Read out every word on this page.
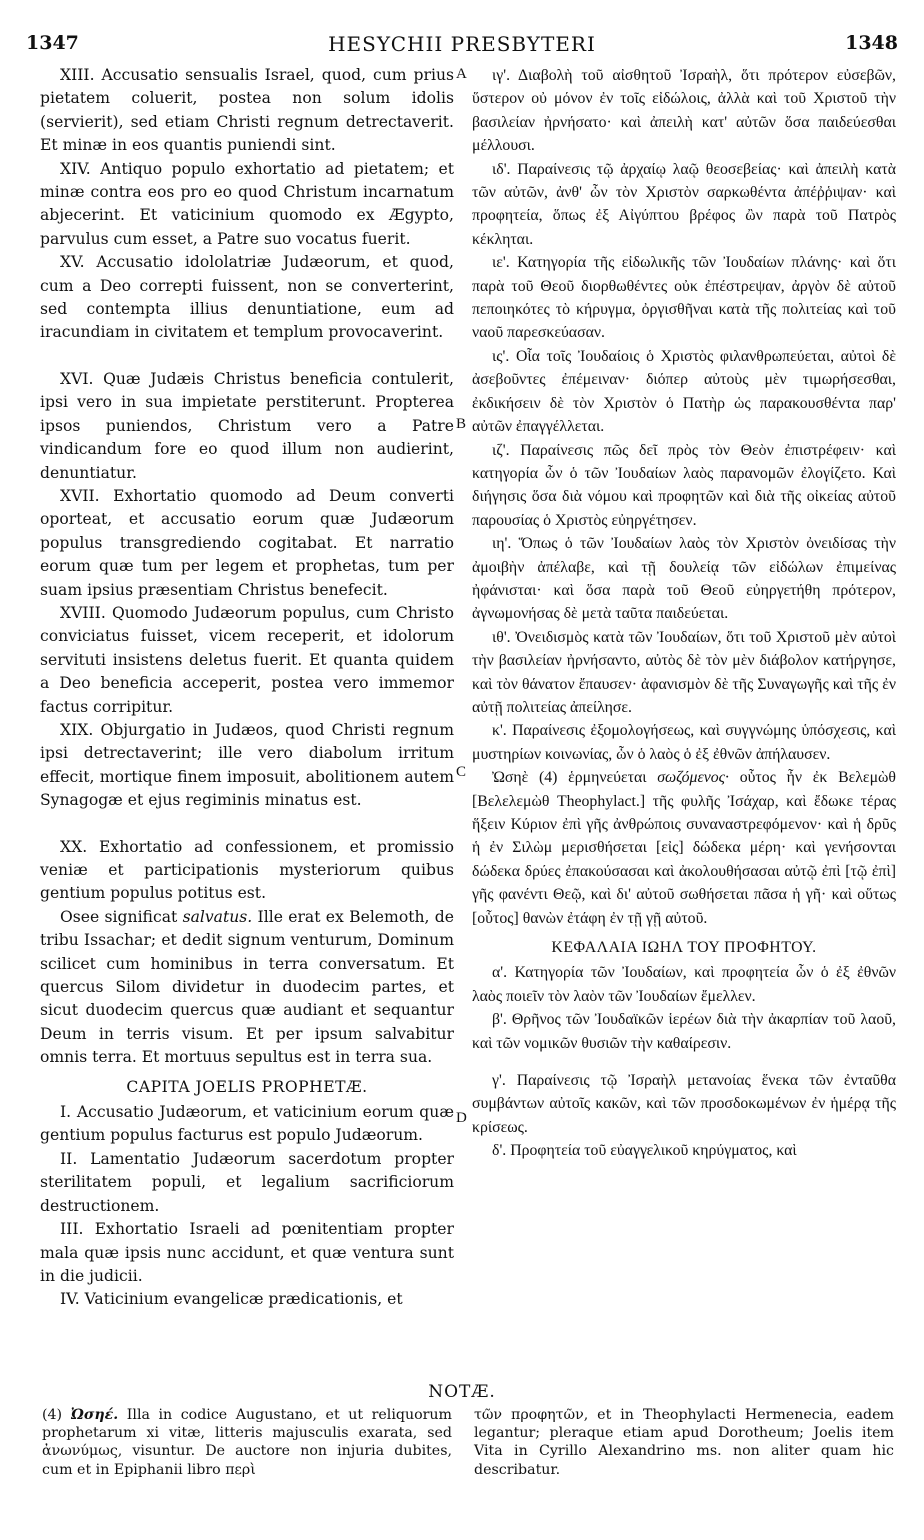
1347	HESYCHII PRESBYTERI	1348
A
B
C
D

XIII. Accusatio sensualis Israel, quod, cum prius pietatem coluerit, postea non solum idolis (servierit), sed etiam Christi regnum detrectaverit. Et minæ in eos quantis puniendi sint.

XIV. Antiquo populo exhortatio ad pietatem; et minæ contra eos pro eo quod Christum incarnatum abjecerint. Et vaticinium quomodo ex Ægypto, parvulus cum esset, a Patre suo vocatus fuerit.

XV. Accusatio idololatriæ Judæorum, et quod, cum a Deo correpti fuissent, non se converterint, sed contempta illius denuntiatione, eum ad iracundiam in civitatem et templum provocaverint.

XVI. Quæ Judæis Christus beneficia contulerit, ipsi vero in sua impietate perstiterunt. Propterea ipsos puniendos, Christum vero a Patre vindicandum fore eo quod illum non audierint, denuntiatur.

XVII. Exhortatio quomodo ad Deum converti oporteat, et accusatio eorum quæ Judæorum populus transgrediendo cogitabat. Et narratio eorum quæ tum per legem et prophetas, tum per suam ipsius præsentiam Christus benefecit.

XVIII. Quomodo Judæorum populus, cum Christo conviciatus fuisset, vicem receperit, et idolorum servituti insistens deletus fuerit. Et quanta quidem a Deo beneficia acceperit, postea vero immemor factus corripitur.

XIX. Objurgatio in Judæos, quod Christi regnum ipsi detrectaverint; ille vero diabolum irritum effecit, mortique finem imposuit, abolitionem autem Synagogæ et ejus regiminis minatus est.

XX. Exhortatio ad confessionem, et promissio veniæ et participationis mysteriorum quibus gentium populus potitus est.

Osee significat salvatus. Ille erat ex Belemoth, de tribu Issachar; et dedit signum venturum, Dominum scilicet cum hominibus in terra conversatum. Et quercus Silom dividetur in duodecim partes, et sicut duodecim quercus quæ audiant et sequantur Deum in terris visum. Et per ipsum salvabitur omnis terra. Et mortuus sepultus est in terra sua.

CAPITA JOELIS PROPHETÆ.

I. Accusatio Judæorum, et vaticinium eorum quæ gentium populus facturus est populo Judæorum.

II. Lamentatio Judæorum sacerdotum propter sterilitatem populi, et legalium sacrificiorum destructionem.

III. Exhortatio Israeli ad pœnitentiam propter mala quæ ipsis nunc accidunt, et quæ ventura sunt in die judicii.

IV. Vaticinium evangelicæ prædicationis, et

ιγ'. Διαβολὴ τοῦ αἰσθητοῦ Ἰσραὴλ, ὅτι πρότερον εὐσεβῶν, ὕστερον οὐ μόνον ἐν τοῖς εἰδώλοις, ἀλλὰ καὶ τοῦ Χριστοῦ τὴν βασιλείαν ἠρνήσατο· καὶ ἀπειλὴ κατ' αὐτῶν ὅσα παιδεύεσθαι μέλλουσι.

ιδ'. Παραίνεσις τῷ ἀρχαίῳ λαῷ θεοσεβείας· καὶ ἀπειλὴ κατὰ τῶν αὐτῶν, ἀνθ' ὧν τὸν Χριστὸν σαρκωθέντα ἀπέῤῥιψαν· καὶ προφητεία, ὅπως ἐξ Αἰγύπτου βρέφος ὢν παρὰ τοῦ Πατρὸς κέκληται.

ιε'. Κατηγορία τῆς εἰδωλικῆς τῶν Ἰουδαίων πλάνης· καὶ ὅτι παρὰ τοῦ Θεοῦ διορθωθέντες οὐκ ἐπέστρεψαν, ἀργὸν δὲ αὐτοῦ πεποιηκότες τὸ κήρυγμα, ὀργισθῆναι κατὰ τῆς πολιτείας καὶ τοῦ ναοῦ παρεσκεύασαν.

ις'. Οἷα τοῖς Ἰουδαίοις ὁ Χριστὸς φιλανθρωπεύεται, αὐτοὶ δὲ ἀσεβοῦντες ἐπέμειναν· διόπερ αὐτοὺς μὲν τιμωρήσεσθαι, ἐκδικήσειν δὲ τὸν Χριστὸν ὁ Πατὴρ ὡς παρακουσθέντα παρ' αὐτῶν ἐπαγγέλλεται.

ιζ'. Παραίνεσις πῶς δεῖ πρὸς τὸν Θεὸν ἐπιστρέφειν· καὶ κατηγορία ὧν ὁ τῶν Ἰουδαίων λαὸς παρανομῶν ἐλογίζετο. Καὶ διήγησις ὅσα διὰ νόμου καὶ προφητῶν καὶ διὰ τῆς οἰκείας αὐτοῦ παρουσίας ὁ Χριστὸς εὐηργέτησεν.

ιη'. Ὅπως ὁ τῶν Ἰουδαίων λαὸς τὸν Χριστὸν ὀνειδίσας τὴν ἀμοιβὴν ἀπέλαβε, καὶ τῇ δουλείᾳ τῶν εἰδώλων ἐπιμείνας ἠφάνισται· καὶ ὅσα παρὰ τοῦ Θεοῦ εὐηργετήθη πρότερον, ἀγνωμονήσας δὲ μετὰ ταῦτα παιδεύεται.

ιθ'. Ὀνειδισμὸς κατὰ τῶν Ἰουδαίων, ὅτι τοῦ Χριστοῦ μὲν αὐτοὶ τὴν βασιλείαν ἠρνήσαντο, αὐτὸς δὲ τὸν μὲν διάβολον κατήργησε, καὶ τὸν θάνατον ἔπαυσεν· ἀφανισμὸν δὲ τῆς Συναγωγῆς καὶ τῆς ἐν αὐτῇ πολιτείας ἀπείλησε.

κ'. Παραίνεσις ἐξομολογήσεως, καὶ συγγνώμης ὑπόσχεσις, καὶ μυστηρίων κοινωνίας, ὧν ὁ λαὸς ὁ ἐξ ἐθνῶν ἀπήλαυσεν.

Ὠσηὲ (4) ἑρμηνεύεται σωζόμενος· οὗτος ἦν ἐκ Βελεμὼθ [Βελελεμὼθ Theophylact.] τῆς φυλῆς Ἰσάχαρ, καὶ ἔδωκε τέρας ἥξειν Κύριον ἐπὶ γῆς ἀνθρώποις συναναστρεφόμενον· καὶ ἡ δρῦς ἡ ἐν Σιλὼμ μερισθήσεται [εἰς] δώδεκα μέρη· καὶ γενήσονται δώδεκα δρύες ἐπακούσασαι καὶ ἀκολουθήσασαι αὐτῷ ἐπὶ [τῷ ἐπὶ] γῆς φανέντι Θεῷ, καὶ δι' αὐτοῦ σωθήσεται πᾶσα ἡ γῆ· καὶ οὕτως [οὗτος] θανὼν ἐτάφη ἐν τῇ γῇ αὐτοῦ.

ΚΕΦΑΛΑΙΑ ΙΩΗΛ ΤΟΥ ΠΡΟΦΗΤΟΥ.

α'. Κατηγορία τῶν Ἰουδαίων, καὶ προφητεία ὧν ὁ ἐξ ἐθνῶν λαὸς ποιεῖν τὸν λαὸν τῶν Ἰουδαίων ἔμελλεν.

β'. Θρῆνος τῶν Ἰουδαϊκῶν ἱερέων διὰ τὴν ἀκαρπίαν τοῦ λαοῦ, καὶ τῶν νομικῶν θυσιῶν τὴν καθαίρεσιν.

γ'. Παραίνεσις τῷ Ἰσραὴλ μετανοίας ἕνεκα τῶν ἐνταῦθα συμβάντων αὐτοῖς κακῶν, καὶ τῶν προσδοκωμένων ἐν ἡμέρᾳ τῆς κρίσεως.

δ'. Προφητεία τοῦ εὐαγγελικοῦ κηρύγματος, καὶ

NOTÆ.

(4) Ὠσηέ. Illa in codice Augustano, et ut reliquorum prophetarum xi vitæ, litteris majusculis exarata, sed ἀνωνύμως, visuntur. De auctore non injuria dubites, cum et in Epiphanii libro περὶ

τῶν προφητῶν, et in Theophylacti Hermenecia, eadem legantur; pleraque etiam apud Dorotheum; Joelis item Vita in Cyrillo Alexandrino ms. non aliter quam hic describatur.
